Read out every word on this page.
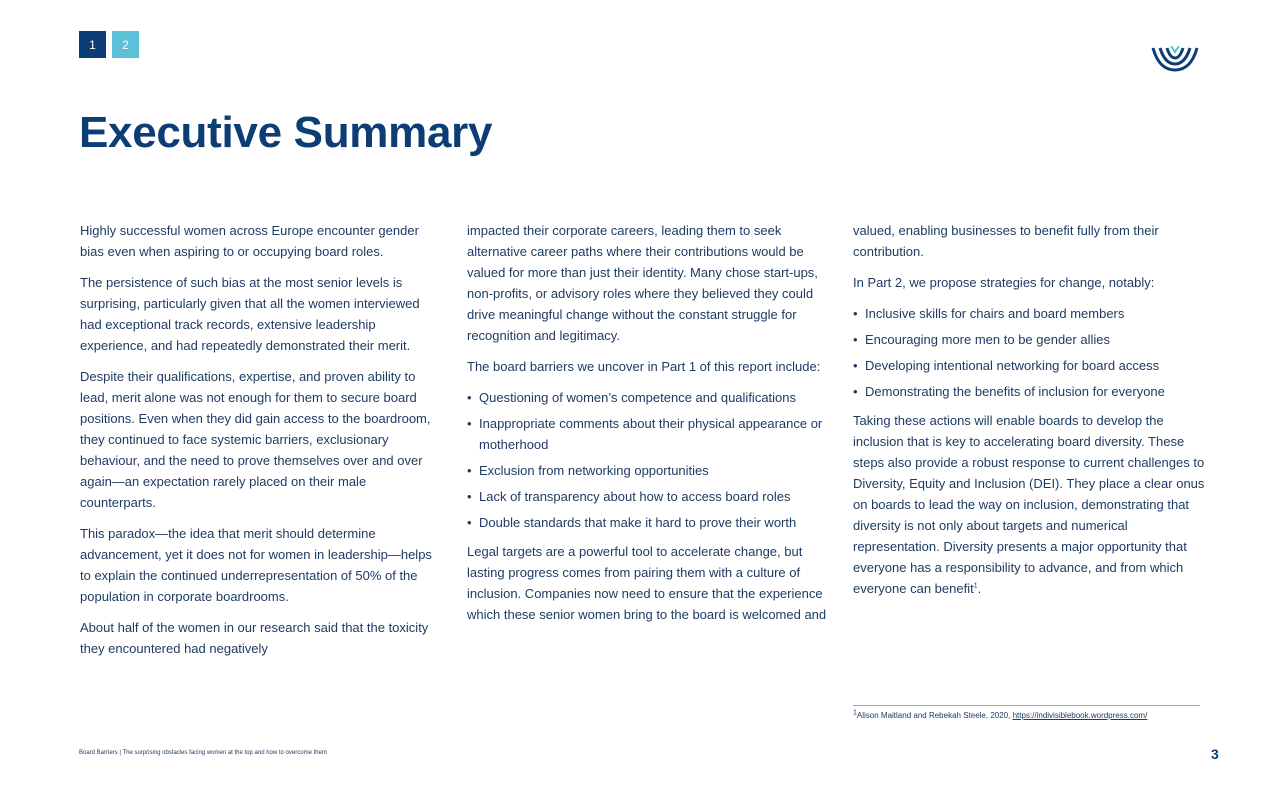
1	2
Executive Summary

Highly successful women across Europe encounter gender bias even when aspiring to or occupying board roles.

The persistence of such bias at the most senior levels is surprising, particularly given that all the women interviewed had exceptional track records, extensive leadership experience, and had repeatedly demonstrated their merit.

Despite their qualifications, expertise, and proven ability to lead, merit alone was not enough for them to secure board positions. Even when they did gain access to the boardroom, they continued to face systemic barriers, exclusionary behaviour, and the need to prove themselves over and over again—an expectation rarely placed on their male counterparts.

This paradox—the idea that merit should determine advancement, yet it does not for women in leadership—helps to explain the continued underrepresentation of 50% of the population in corporate boardrooms.

About half of the women in our research said that the toxicity they encountered had negatively

impacted their corporate careers, leading them to seek alternative career paths where their contributions would be valued for more than just their identity. Many chose start-ups, non-profits, or advisory roles where they believed they could drive meaningful change without the constant struggle for recognition and legitimacy.

The board barriers we uncover in Part 1 of this report include:

• Questioning of women’s competence and qualifications
• Inappropriate comments about their physical appearance or motherhood
• Exclusion from networking opportunities
• Lack of transparency about how to access board roles
• Double standards that make it hard to prove their worth

Legal targets are a powerful tool to accelerate change, but lasting progress comes from pairing them with a culture of inclusion. Companies now need to ensure that the experience which these senior women bring to the board is welcomed and

valued, enabling businesses to benefit fully from their contribution.

In Part 2, we propose strategies for change, notably:

• Inclusive skills for chairs and board members
• Encouraging more men to be gender allies
• Developing intentional networking for board access
• Demonstrating the benefits of inclusion for everyone

Taking these actions will enable boards to develop the inclusion that is key to accelerating board diversity. These steps also provide a robust response to current challenges to Diversity, Equity and Inclusion (DEI). They place a clear onus on boards to lead the way on inclusion, demonstrating that diversity is not only about targets and numerical representation. Diversity presents a major opportunity that everyone has a responsibility to advance, and from which everyone can benefit$^1$.

$^1$Alison Maitland and Rebekah Steele, 2020, https://indivisiblebook.wordpress.com/
Board Barriers | The surprising obstacles facing women at the top and how to overcome them	3
